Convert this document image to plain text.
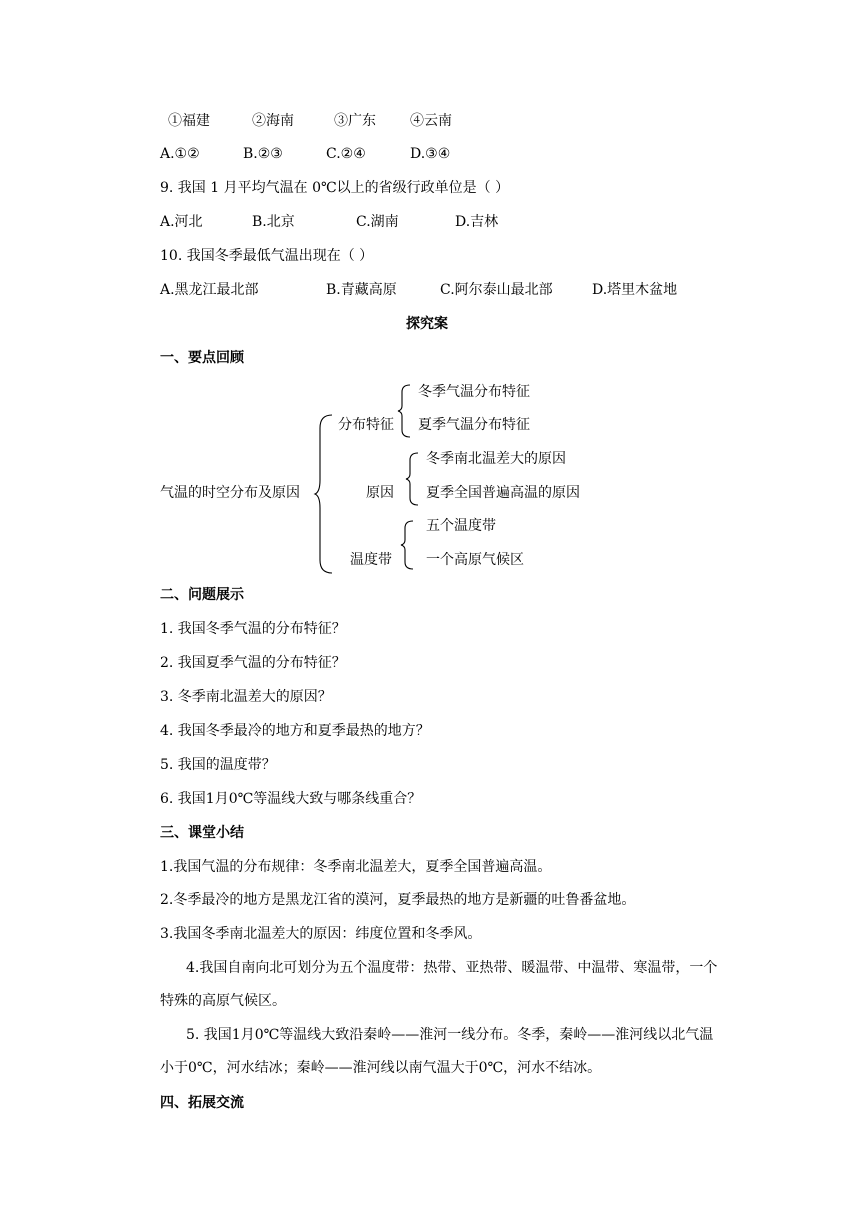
①福建	②海南	③广东 ④云南
A.①②	B.②③	C.②④	D.③④
9. 我国 1 月平均气温在 0℃以上的省级行政单位是（ ）
A.河北	B.北京	C.湖南	D.吉林
10. 我国冬季最低气温出现在（ ）
A.黑龙江最北部	B.青藏高原	C.阿尔泰山最北部	D.塔里木盆地
探究案
一、要点回顾
气温的时空分布及原因
分布特征
冬季气温分布特征
夏季气温分布特征
原因
冬季南北温差大的原因
夏季全国普遍高温的原因
温度带
五个温度带
一个高原气候区
二、问题展示
1. 我国冬季气温的分布特征？
2. 我国夏季气温的分布特征？
3. 冬季南北温差大的原因？
4. 我国冬季最冷的地方和夏季最热的地方？
5. 我国的温度带？
6. 我国1月0℃等温线大致与哪条线重合？
三、课堂小结
1.我国气温的分布规律：冬季南北温差大，夏季全国普遍高温。
2.冬季最冷的地方是黑龙江省的漠河，夏季最热的地方是新疆的吐鲁番盆地。
3.我国冬季南北温差大的原因：纬度位置和冬季风。
4.我国自南向北可划分为五个温度带：热带、亚热带、暖温带、中温带、寒温带，一个
特殊的高原气候区。
5. 我国1月0℃等温线大致沿秦岭——淮河一线分布。冬季，秦岭——淮河线以北气温
小于0℃，河水结冰；秦岭——淮河线以南气温大于0℃，河水不结冰。
四、拓展交流
